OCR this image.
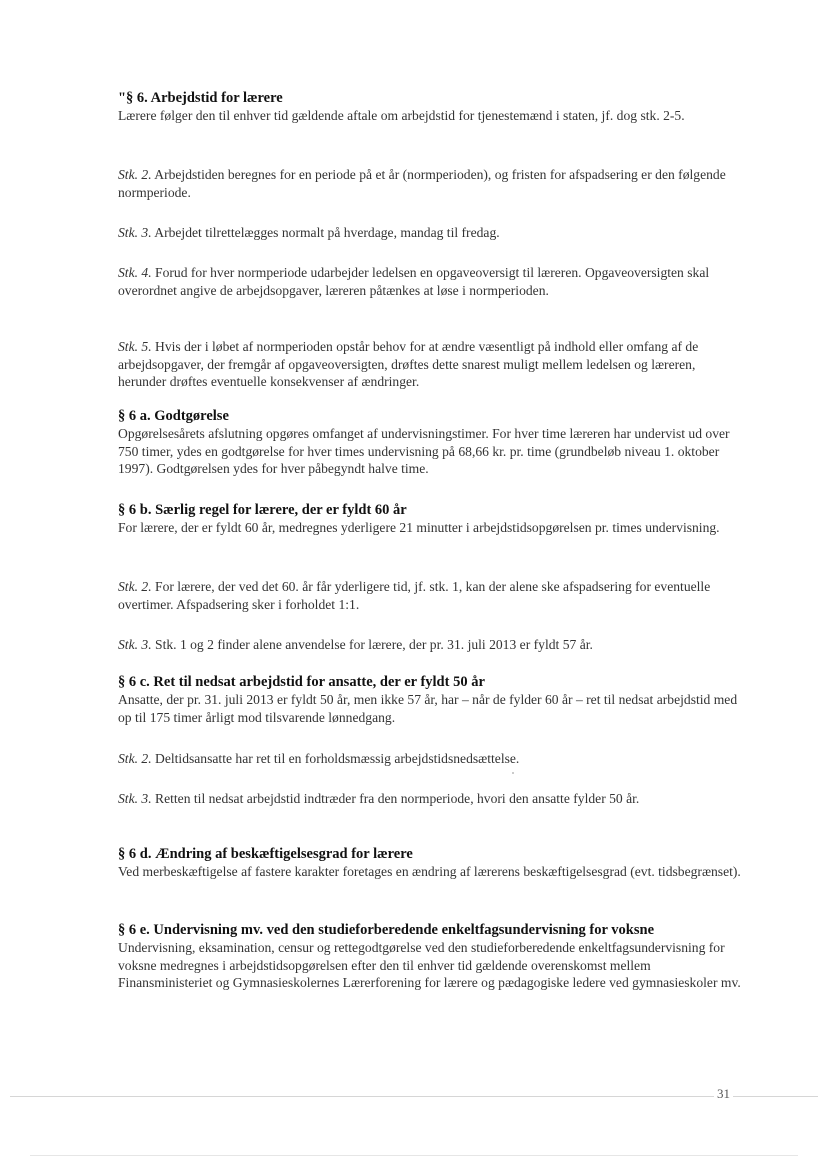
"§ 6. Arbejdstid for lærere

Lærere følger den til enhver tid gældende aftale om arbejdstid for tjenestemænd i staten, jf. dog stk. 2-5.

Stk. 2. Arbejdstiden beregnes for en periode på et år (normperioden), og fristen for afspadsering er den følgende normperiode.
Stk. 3. Arbejdet tilrettelægges normalt på hverdage, mandag til fredag.
Stk. 4. Forud for hver normperiode udarbejder ledelsen en opgaveoversigt til læreren. Opgaveoversigten skal overordnet angive de arbejdsopgaver, læreren påtænkes at løse i normperioden.
Stk. 5. Hvis der i løbet af normperioden opstår behov for at ændre væsentligt på indhold eller omfang af de arbejdsopgaver, der fremgår af opgaveoversigten, drøftes dette snarest muligt mellem ledelsen og læreren, herunder drøftes eventuelle konsekvenser af ændringer.
§ 6 a. Godtgørelse

Opgørelsesårets afslutning opgøres omfanget af undervisningstimer. For hver time læreren har undervist ud over 750 timer, ydes en godtgørelse for hver times undervisning på 68,66 kr. pr. time (grundbeløb niveau 1. oktober 1997). Godtgørelsen ydes for hver påbegyndt halve time.

§ 6 b. Særlig regel for lærere, der er fyldt 60 år

For lærere, der er fyldt 60 år, medregnes yderligere 21 minutter i arbejdstidsopgørelsen pr. times undervisning.

Stk. 2. For lærere, der ved det 60. år får yderligere tid, jf. stk. 1, kan der alene ske afspadsering for eventuelle overtimer. Afspadsering sker i forholdet 1:1.
Stk. 3. Stk. 1 og 2 finder alene anvendelse for lærere, der pr. 31. juli 2013 er fyldt 57 år.
§ 6 c. Ret til nedsat arbejdstid for ansatte, der er fyldt 50 år

Ansatte, der pr. 31. juli 2013 er fyldt 50 år, men ikke 57 år, har – når de fylder 60 år – ret til nedsat arbejdstid med op til 175 timer årligt mod tilsvarende lønnedgang.

Stk. 2. Deltidsansatte har ret til en forholdsmæssig arbejdstidsnedsættelse.
Stk. 3. Retten til nedsat arbejdstid indtræder fra den normperiode, hvori den ansatte fylder 50 år.
§ 6 d. Ændring af beskæftigelsesgrad for lærere

Ved merbeskæftigelse af fastere karakter foretages en ændring af lærerens beskæftigelsesgrad (evt. tidsbegrænset).

§ 6 e. Undervisning mv. ved den studieforberedende enkeltfagsundervisning for voksne

Undervisning, eksamination, censur og rettegodtgørelse ved den studieforberedende enkeltfagsundervisning for voksne medregnes i arbejdstidsopgørelsen efter den til enhver tid gældende overenskomst mellem Finansministeriet og Gymnasieskolernes Lærerforening for lærere og pædagogiske ledere ved gymnasieskoler mv.

31
